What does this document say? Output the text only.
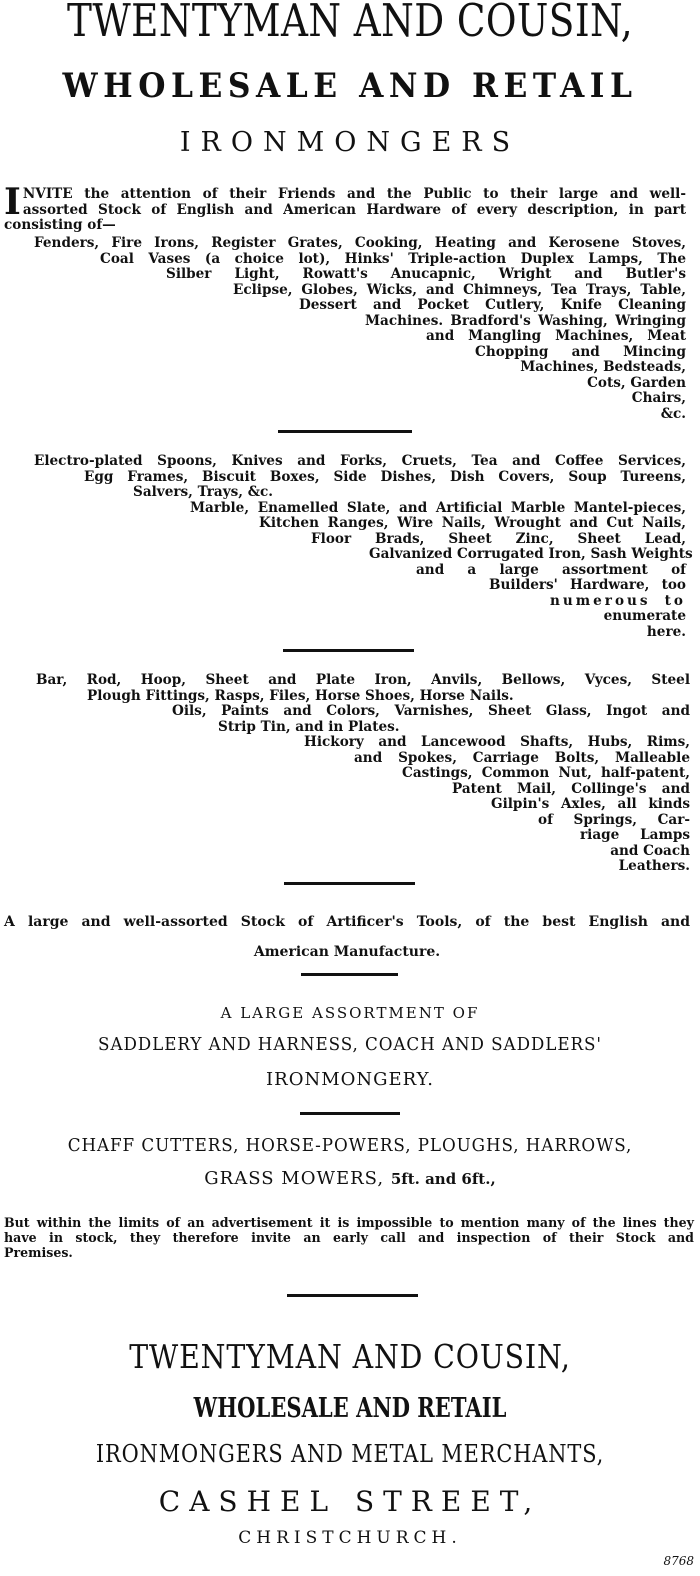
TWENTYMAN AND COUSIN,
WHOLESALE AND RETAIL
IRONMONGERS
I NVITE the attention of their Friends and the Public to their large and well-
assorted Stock of English and American Hardware of every description, in part
consisting of—
Fenders, Fire Irons, Register Grates, Cooking, Heating and Kerosene Stoves,
Coal Vases (a choice lot), Hinks' Triple-action Duplex Lamps, The
Silber Light, Rowatt's Anucapnic, Wright and Butler's
Eclipse, Globes, Wicks, and Chimneys, Tea Trays, Table,
Dessert and Pocket Cutlery, Knife Cleaning
Machines. Bradford's Washing, Wringing
and Mangling Machines, Meat
Chopping and Mincing
Machines, Bedsteads,
Cots, Garden
Chairs,
&c.
Electro-plated Spoons, Knives and Forks, Cruets, Tea and Coffee Services,
Egg Frames, Biscuit Boxes, Side Dishes, Dish Covers, Soup Tureens,
Salvers, Trays, &c.
Marble, Enamelled Slate, and Artificial Marble Mantel-pieces,
Kitchen Ranges, Wire Nails, Wrought and Cut Nails,
Floor Brads, Sheet Zinc, Sheet Lead,
Galvanized Corrugated Iron, Sash Weights
and a large assortment of
Builders' Hardware, too
numerous to
enumerate
here.
Bar, Rod, Hoop, Sheet and Plate Iron, Anvils, Bellows, Vyces, Steel
Plough Fittings, Rasps, Files, Horse Shoes, Horse Nails.
Oils, Paints and Colors, Varnishes, Sheet Glass, Ingot and
Strip Tin, and in Plates.
Hickory and Lancewood Shafts, Hubs, Rims,
and Spokes, Carriage Bolts, Malleable
Castings, Common Nut, half-patent,
Patent Mail, Collinge's and
Gilpin's Axles, all kinds
of Springs, Car-
riage Lamps
and Coach
Leathers.
A large and well-assorted Stock of Artificer's Tools, of the best English and
American Manufacture.
A LARGE ASSORTMENT OF
SADDLERY AND HARNESS, COACH AND SADDLERS'
IRONMONGERY.
CHAFF CUTTERS, HORSE-POWERS, PLOUGHS, HARROWS,
GRASS MOWERS, 5ft. and 6ft.,
But within the limits of an advertisement it is impossible to mention many of the lines they
have in stock, they therefore invite an early call and inspection of their Stock and
Premises.
TWENTYMAN AND COUSIN,
WHOLESALE AND RETAIL
IRONMONGERS AND METAL MERCHANTS,
CASHEL STREET,
CHRISTCHURCH.
8768
